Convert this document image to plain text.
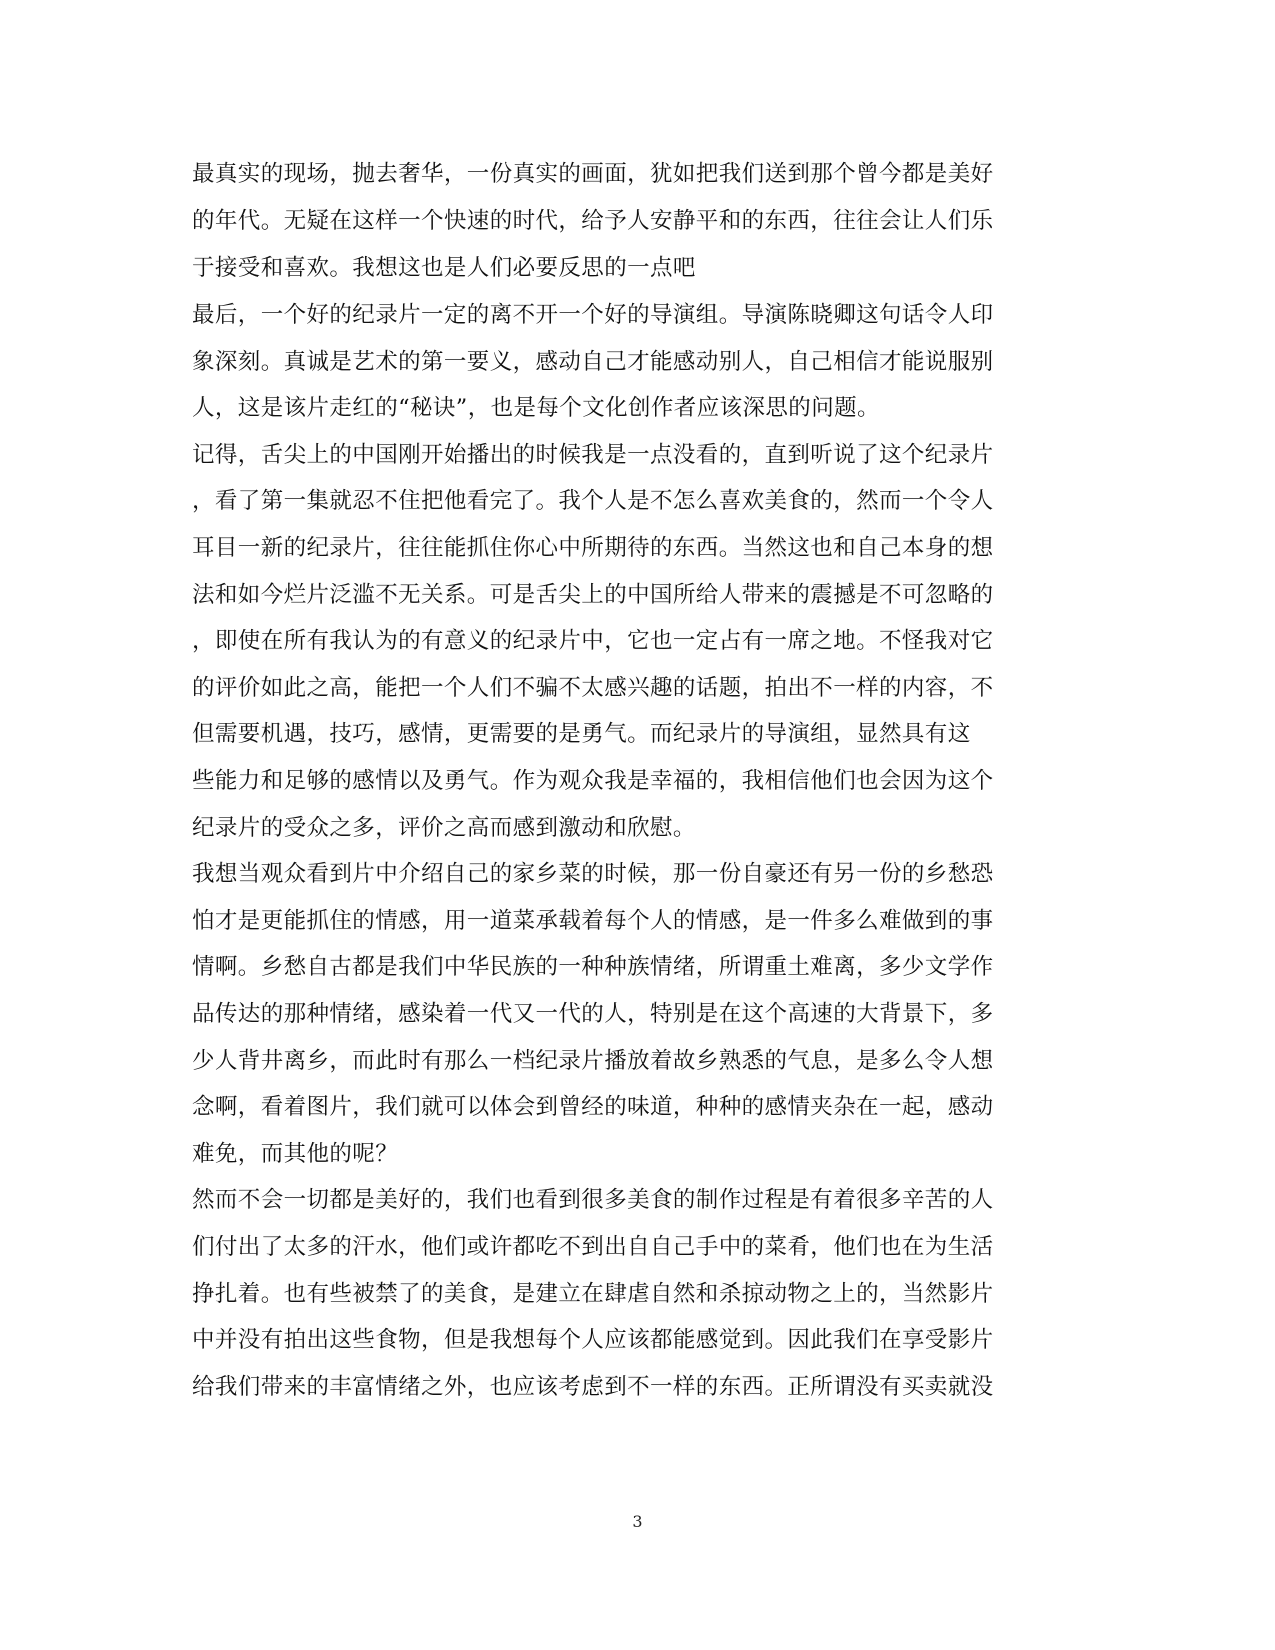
最真实的现场，抛去奢华，一份真实的画面，犹如把我们送到那个曾今都是美好
的年代。无疑在这样一个快速的时代，给予人安静平和的东西，往往会让人们乐
于接受和喜欢。我想这也是人们必要反思的一点吧
最后，一个好的纪录片一定的离不开一个好的导演组。导演陈晓卿这句话令人印
象深刻。真诚是艺术的第一要义，感动自己才能感动别人，自己相信才能说服别
人，这是该片走红的“秘诀”，也是每个文化创作者应该深思的问题。
记得，舌尖上的中国刚开始播出的时候我是一点没看的，直到听说了这个纪录片
，看了第一集就忍不住把他看完了。我个人是不怎么喜欢美食的，然而一个令人
耳目一新的纪录片，往往能抓住你心中所期待的东西。当然这也和自己本身的想
法和如今烂片泛滥不无关系。可是舌尖上的中国所给人带来的震撼是不可忽略的
，即使在所有我认为的有意义的纪录片中，它也一定占有一席之地。不怪我对它
的评价如此之高，能把一个人们不骗不太感兴趣的话题，拍出不一样的内容，不
但需要机遇，技巧，感情，更需要的是勇气。而纪录片的导演组，显然具有这
些能力和足够的感情以及勇气。作为观众我是幸福的，我相信他们也会因为这个
纪录片的受众之多，评价之高而感到激动和欣慰。
我想当观众看到片中介绍自己的家乡菜的时候，那一份自豪还有另一份的乡愁恐
怕才是更能抓住的情感，用一道菜承载着每个人的情感，是一件多么难做到的事
情啊。乡愁自古都是我们中华民族的一种种族情绪，所谓重土难离，多少文学作
品传达的那种情绪，感染着一代又一代的人，特别是在这个高速的大背景下，多
少人背井离乡，而此时有那么一档纪录片播放着故乡熟悉的气息，是多么令人想
念啊，看着图片，我们就可以体会到曾经的味道，种种的感情夹杂在一起，感动
难免，而其他的呢？
然而不会一切都是美好的，我们也看到很多美食的制作过程是有着很多辛苦的人
们付出了太多的汗水，他们或许都吃不到出自自己手中的菜肴，他们也在为生活
挣扎着。也有些被禁了的美食，是建立在肆虐自然和杀掠动物之上的，当然影片
中并没有拍出这些食物，但是我想每个人应该都能感觉到。因此我们在享受影片
给我们带来的丰富情绪之外，也应该考虑到不一样的东西。正所谓没有买卖就没
3
